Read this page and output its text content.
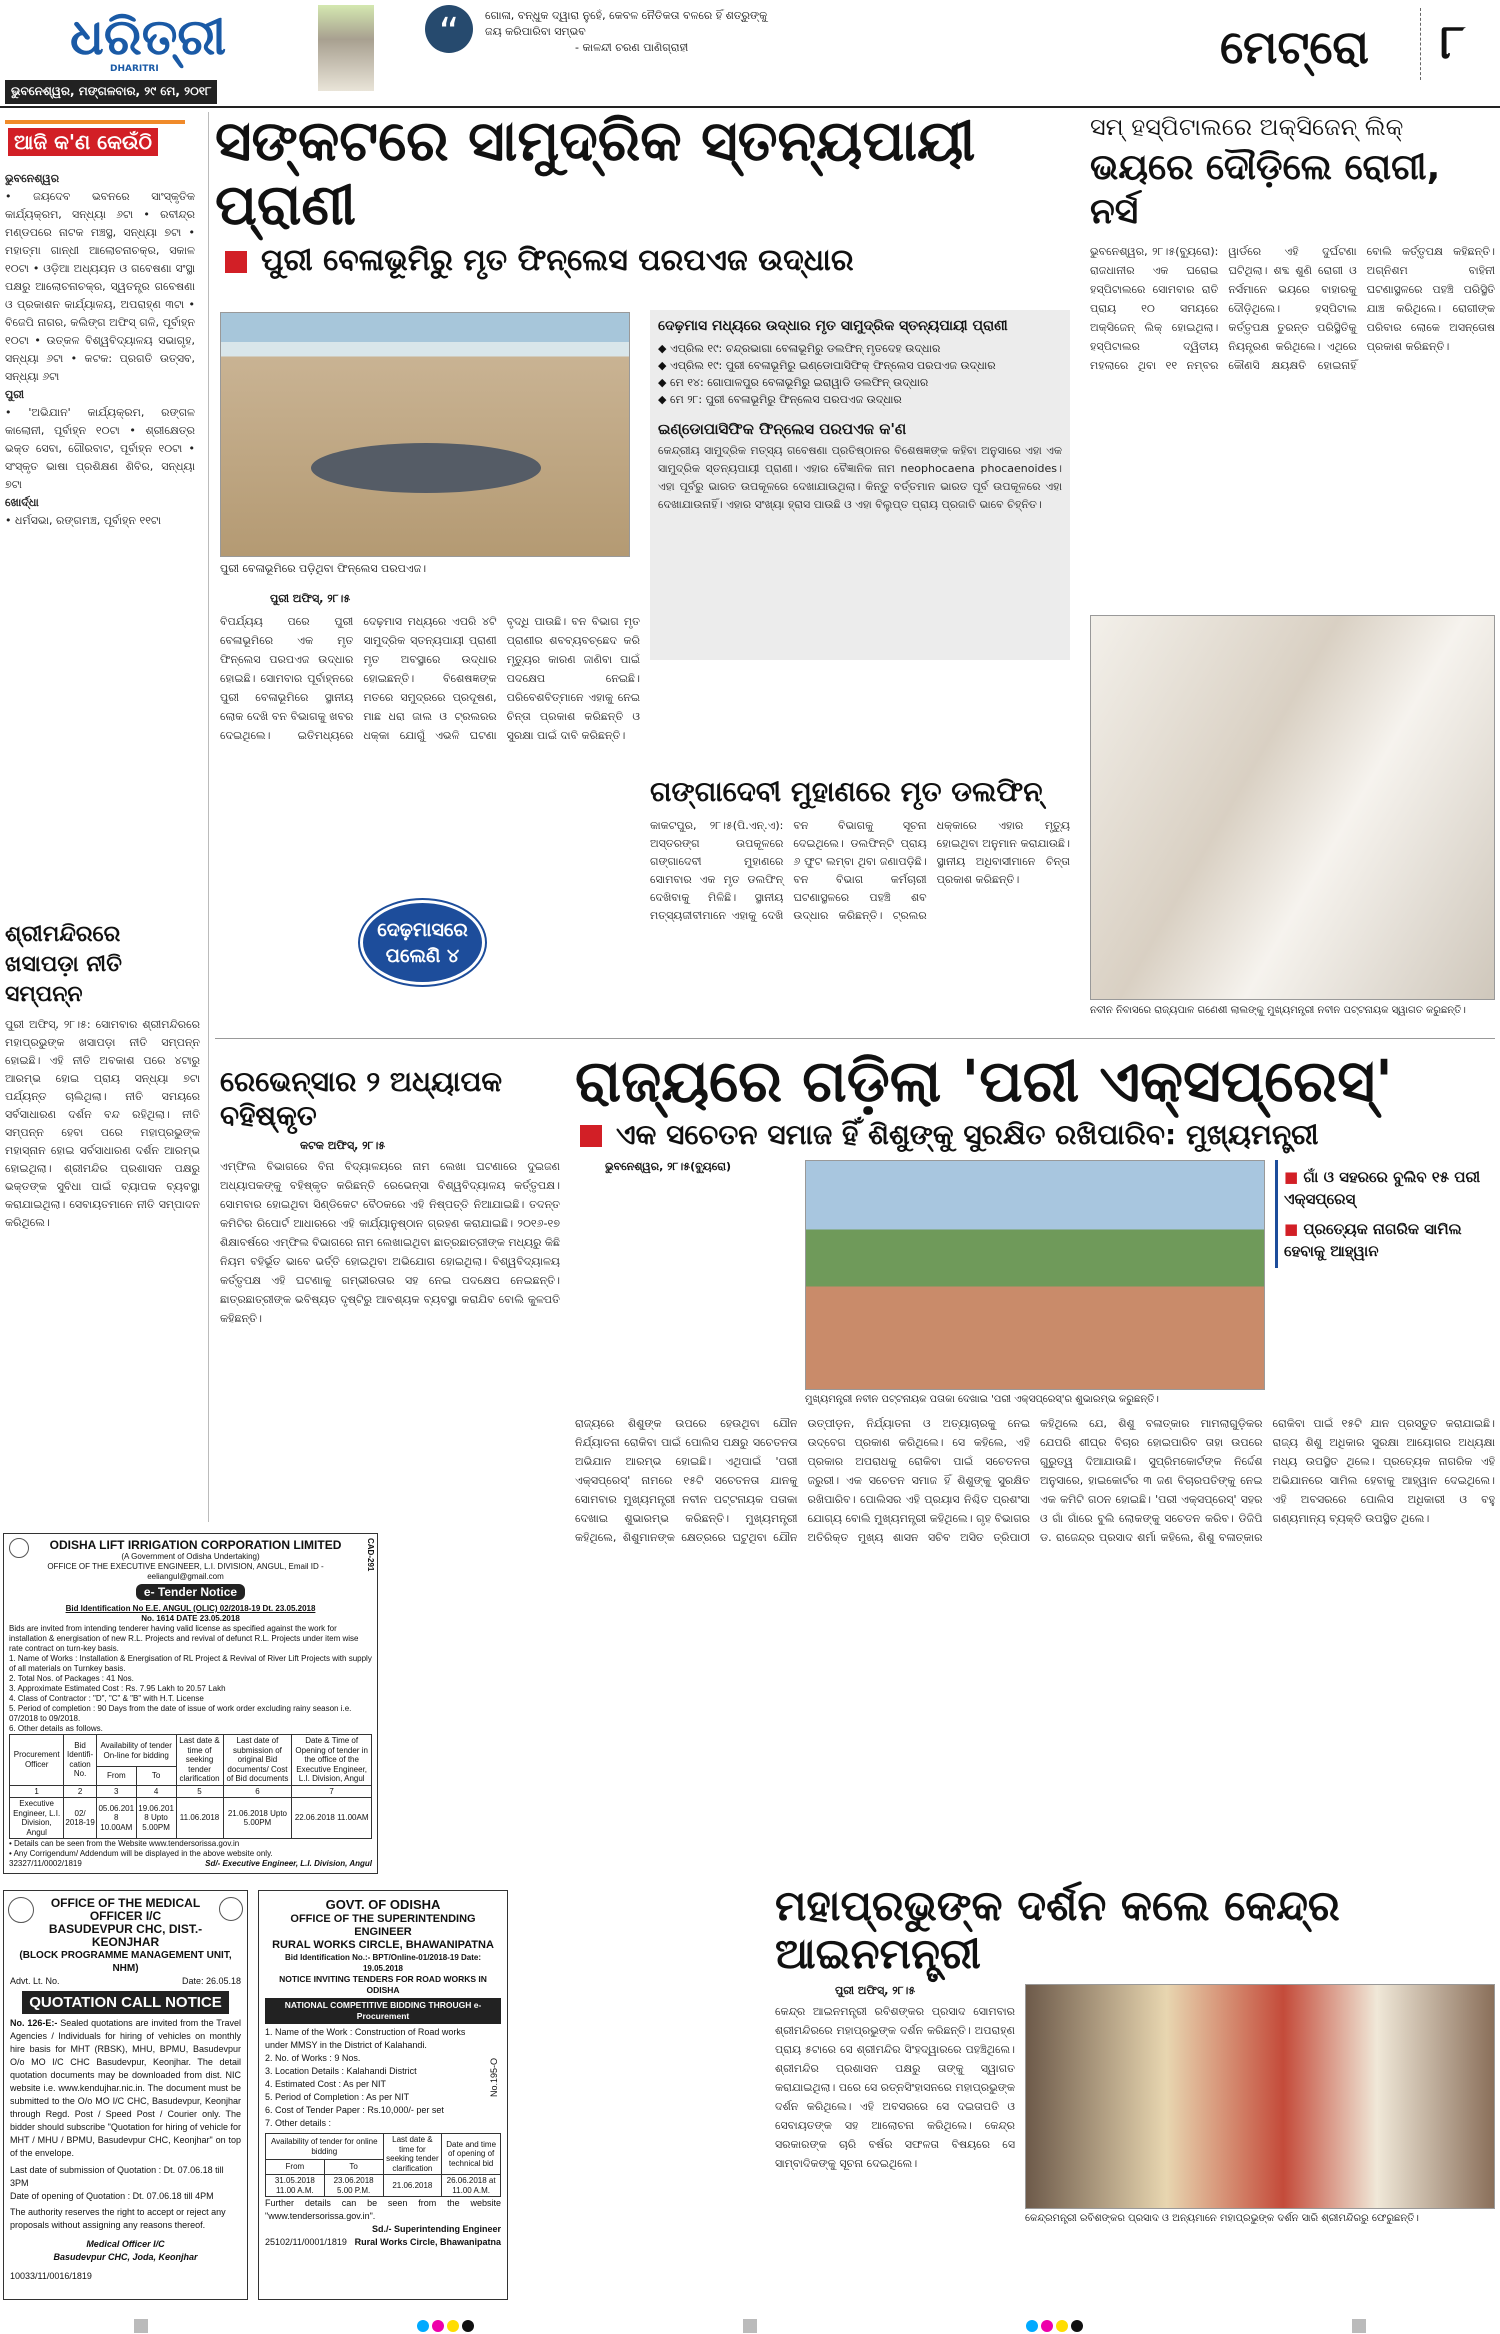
ଧରିତ୍ରୀ
DHARITRI
ଭୁବନେଶ୍ୱର, ମଙ୍ଗଳବାର, ୨୯ ମେ, ୨୦୧୮
“	ଗୋଳା, ବନ୍ଧୁକ ଦ୍ୱାରା ନୁହେଁ, କେବଳ ନୈତିକତା ବଳରେ ହିଁ ଶତ୍ରୁଙ୍କୁ ଜୟ କରିପାରିବା ସମ୍ଭବ
- କାଳନ୍ଦୀ ଚରଣ ପାଣିଗ୍ରାହୀ	ମେଟ୍ରୋ ୮
ଆଜି କ'ଣ କେଉଁଠି
ଭୁବନେଶ୍ୱର
• ଜୟଦେବ ଭବନରେ ସାଂସ୍କୃତିକ କାର୍ଯ୍ୟକ୍ରମ, ସନ୍ଧ୍ୟା ୬ଟା • ରବୀନ୍ଦ୍ର ମଣ୍ଡପରେ ନାଟକ ମଞ୍ଚସ୍ଥ, ସନ୍ଧ୍ୟା ୭ଟା • ମହାତ୍ମା ଗାନ୍ଧୀ ଆଲୋଚନାଚକ୍ର, ସକାଳ ୧୦ଟା • ଓଡ଼ିଆ ଅଧ୍ୟୟନ ଓ ଗବେଷଣା ସଂସ୍ଥା ପକ୍ଷରୁ ଆଲୋଚନାଚକ୍ର, ସ୍ୱତନ୍ତ୍ର ଗବେଷଣା ଓ ପ୍ରକାଶନ କାର୍ଯ୍ୟାଳୟ, ଅପରାହ୍ଣ ୩ଟା • ବିଜେପି ନାଗର, କଲିଙ୍ଗ ଅଫିସ୍ ଗଳି, ପୂର୍ବାହ୍ନ ୧୦ଟା • ଉତ୍କଳ ବିଶ୍ୱବିଦ୍ୟାଳୟ ସଭାଗୃହ, ସନ୍ଧ୍ୟା ୬ଟା • କଟକ: ପ୍ରଗତି ଉତ୍ସବ, ସନ୍ଧ୍ୟା ୬ଟା
ପୁରୀ
• 'ଅଭିଯାନ' କାର୍ଯ୍ୟକ୍ରମ, ରଙ୍ଗଳ କାଲୋନୀ, ପୂର୍ବାହ୍ନ ୧୦ଟା • ଶ୍ରୀକ୍ଷେତ୍ର ଭକ୍ତ ସେବା, ଗୌରବାଟ, ପୂର୍ବାହ୍ନ ୧୦ଟା • ସଂସ୍କୃତ ଭାଷା ପ୍ରଶିକ୍ଷଣ ଶିବିର, ସନ୍ଧ୍ୟା ୭ଟା
ଖୋର୍ଦ୍ଧା
• ଧର୍ମସଭା, ରଙ୍ଗମଞ୍ଚ, ପୂର୍ବାହ୍ନ ୧୧ଟା
ଶ୍ରୀମନ୍ଦିରରେ ଖସାପଡ଼ା ନୀତି ସମ୍ପନ୍ନ
ପୁରୀ ଅଫିସ୍, ୨୮।୫: ସୋମବାର ଶ୍ରୀମନ୍ଦିରରେ ମହାପ୍ରଭୁଙ୍କ ଖସାପଡ଼ା ନୀତି ସମ୍ପନ୍ନ ହୋଇଛି। ଏହି ନୀତି ଅବକାଶ ପରେ ୪ଟାରୁ ଆରମ୍ଭ ହୋଇ ପ୍ରାୟ ସନ୍ଧ୍ୟା ୭ଟା ପର୍ଯ୍ୟନ୍ତ ଚାଲିଥିଲା। ନୀତି ସମୟରେ ସର୍ବସାଧାରଣ ଦର୍ଶନ ବନ୍ଦ ରହିଥିଲା। ନୀତି ସମ୍ପନ୍ନ ହେବା ପରେ ମହାପ୍ରଭୁଙ୍କ ମହାସ୍ନାନ ହୋଇ ସର୍ବସାଧାରଣ ଦର୍ଶନ ଆରମ୍ଭ ହୋଇଥିଲା। ଶ୍ରୀମନ୍ଦିର ପ୍ରଶାସନ ପକ୍ଷରୁ ଭକ୍ତଙ୍କ ସୁବିଧା ପାଇଁ ବ୍ୟାପକ ବ୍ୟବସ୍ଥା କରାଯାଇଥିଲା। ସେବାୟତମାନେ ନୀତି ସମ୍ପାଦନ କରିଥିଲେ।
ସଙ୍କଟରେ ସାମୁଦ୍ରିକ ସ୍ତନ୍ୟପାୟୀ ପ୍ରାଣୀ
ପୁରୀ ବେଳାଭୂମିରୁ ମୃତ ଫିନ୍‌ଲେସ ପରପଏଜ ଉଦ୍ଧାର
ପୁରୀ ବେଳାଭୂମିରେ ପଡ଼ିଥିବା ଫିନ୍‌ଲେସ ପରପଏଜ।
ପୁରୀ ଅଫିସ୍, ୨୮।୫
ବିପର୍ଯ୍ୟୟ ପରେ ପୁରୀ ବେଳାଭୂମିରେ ଏକ ମୃତ ଫିନ୍‌ଲେସ ପରପଏଜ ଉଦ୍ଧାର ହୋଇଛି। ସୋମବାର ପୂର୍ବାହ୍ନରେ ପୁରୀ ବେଳାଭୂମିରେ ସ୍ଥାନୀୟ ଲୋକ ଦେଖି ବନ ବିଭାଗକୁ ଖବର ଦେଇଥିଲେ। ଇତିମଧ୍ୟରେ ଦେଢ଼ମାସ ମଧ୍ୟରେ ଏପରି ୪ଟି ସାମୁଦ୍ରିକ ସ୍ତନ୍ୟପାୟୀ ପ୍ରାଣୀ ମୃତ ଅବସ୍ଥାରେ ଉଦ୍ଧାର ହୋଇଛନ୍ତି। ବିଶେଷଜ୍ଞଙ୍କ ମତରେ ସମୁଦ୍ରରେ ପ୍ରଦୂଷଣ, ମାଛ ଧରା ଜାଲ ଓ ଟ୍ରଲରର ଧକ୍କା ଯୋଗୁଁ ଏଭଳି ଘଟଣା ବୃଦ୍ଧି ପାଉଛି। ବନ ବିଭାଗ ମୃତ ପ୍ରାଣୀର ଶବବ୍ୟବଚ୍ଛେଦ କରି ମୃତ୍ୟୁର କାରଣ ଜାଣିବା ପାଇଁ ପଦକ୍ଷେପ ନେଇଛି। ପରିବେଶବିତ୍‌ମାନେ ଏହାକୁ ନେଇ ଚିନ୍ତା ପ୍ରକାଶ କରିଛନ୍ତି ଓ ସୁରକ୍ଷା ପାଇଁ ଦାବି କରିଛନ୍ତି।
ଦେଢ଼ମାସରେ ପଲେଣି ୪
ଦେଢ଼ମାସ ମଧ୍ୟରେ ଉଦ୍ଧାର ମୃତ ସାମୁଦ୍ରିକ ସ୍ତନ୍ୟପାୟୀ ପ୍ରାଣୀ
◆ ଏପ୍ରିଲ ୧୯: ଚନ୍ଦ୍ରଭାଗା ବେଳାଭୂମିରୁ ଡଲଫିନ୍ ମୃତଦେହ ଉଦ୍ଧାର
◆ ଏପ୍ରିଲ ୧୯: ପୁରୀ ବେଳାଭୂମିରୁ ଇଣ୍ଡୋପାସିଫିକ୍ ଫିନ୍‌ଲେସ ପରପଏଜ ଉଦ୍ଧାର
◆ ମେ ୧୪: ଗୋପାଳପୁର ବେଳାଭୂମିରୁ ଇରାୱାଡି ଡଲଫିନ୍ ଉଦ୍ଧାର
◆ ମେ ୨୮: ପୁରୀ ବେଳାଭୂମିରୁ ଫିନ୍‌ଲେସ ପରପଏଜ ଉଦ୍ଧାର
ଇଣ୍ଡୋପାସିଫିକ ଫିନ୍‌ଲେସ ପରପଏଜ କ'ଣ
କେନ୍ଦ୍ରୀୟ ସାମୁଦ୍ରିକ ମତ୍ସ୍ୟ ଗବେଷଣା ପ୍ରତିଷ୍ଠାନର ବିଶେଷଜ୍ଞଙ୍କ କହିବା ଅନୁସାରେ ଏହା ଏକ ସାମୁଦ୍ରିକ ସ୍ତନ୍ୟପାୟୀ ପ୍ରାଣୀ। ଏହାର ବୈଜ୍ଞାନିକ ନାମ neophocaena phocaenoides। ଏହା ପୂର୍ବରୁ ଭାରତ ଉପକୂଳରେ ଦେଖାଯାଉଥିଲା। କିନ୍ତୁ ବର୍ତ୍ତମାନ ଭାରତ ପୂର୍ବ ଉପକୂଳରେ ଏହା ଦେଖାଯାଉନାହିଁ। ଏହାର ସଂଖ୍ୟା ହ୍ରାସ ପାଉଛି ଓ ଏହା ବିଲୁପ୍ତ ପ୍ରାୟ ପ୍ରଜାତି ଭାବେ ଚିହ୍ନିତ।
ଗଙ୍ଗାଦେବୀ ମୁହାଣରେ ମୃତ ଡଲଫିନ୍
କାକଟପୁର, ୨୮।୫(ପି.ଏନ୍.ଏ): ଅସ୍ତରଙ୍ଗ ଉପକୂଳରେ ଗଙ୍ଗାଦେବୀ ମୁହାଣରେ ସୋମବାର ଏକ ମୃତ ଡଲଫିନ୍ ଦେଖିବାକୁ ମିଳିଛି। ସ୍ଥାନୀୟ ମତ୍ସ୍ୟଜୀବୀମାନେ ଏହାକୁ ଦେଖି ବନ ବିଭାଗକୁ ସୂଚନା ଦେଇଥିଲେ। ଡଲଫିନ୍‌ଟି ପ୍ରାୟ ୬ ଫୁଟ ଲମ୍ବା ଥିବା ଜଣାପଡ଼ିଛି। ବନ ବିଭାଗ କର୍ମଚାରୀ ଘଟଣାସ୍ଥଳରେ ପହଞ୍ଚି ଶବ ଉଦ୍ଧାର କରିଛନ୍ତି। ଟ୍ରଲର ଧକ୍କାରେ ଏହାର ମୃତ୍ୟୁ ହୋଇଥିବା ଅନୁମାନ କରାଯାଉଛି। ସ୍ଥାନୀୟ ଅଧିବାସୀମାନେ ଚିନ୍ତା ପ୍ରକାଶ କରିଛନ୍ତି।
ସମ୍ ହସ୍‌ପିଟାଲରେ ଅକ୍ସିଜେନ୍ ଲିକ୍
ଭୟରେ ଦୌଡ଼ିଲେ ରୋଗୀ, ନର୍ସ
ଭୁବନେଶ୍ୱର, ୨୮।୫(ବ୍ୟୁରୋ): ରାଜଧାନୀର ଏକ ଘରୋଇ ହସ୍‌ପିଟାଲରେ ସୋମବାର ରାତି ପ୍ରାୟ ୧୦ ସମୟରେ ଅକ୍ସିଜେନ୍ ଲିକ୍ ହୋଇଥିଲା। ହସ୍‌ପିଟାଲର ଦ୍ୱିତୀୟ ମହଲାରେ ଥିବା ୧୧ ନମ୍ବର ୱାର୍ଡରେ ଏହି ଦୁର୍ଘଟଣା ଘଟିଥିଲା। ଶବ୍ଦ ଶୁଣି ରୋଗୀ ଓ ନର୍ସମାନେ ଭୟରେ ବାହାରକୁ ଦୌଡ଼ିଥିଲେ। ହସ୍‌ପିଟାଲ କର୍ତ୍ତୃପକ୍ଷ ତୁରନ୍ତ ପରିସ୍ଥିତିକୁ ନିୟନ୍ତ୍ରଣ କରିଥିଲେ। ଏଥିରେ କୌଣସି କ୍ଷୟକ୍ଷତି ହୋଇନାହିଁ ବୋଲି କର୍ତ୍ତୃପକ୍ଷ କହିଛନ୍ତି। ଅଗ୍ନିଶମ ବାହିନୀ ଘଟଣାସ୍ଥଳରେ ପହଞ୍ଚି ପରିସ୍ଥିତି ଯାଞ୍ଚ କରିଥିଲେ। ରୋଗୀଙ୍କ ପରିବାର ଲୋକେ ଅସନ୍ତୋଷ ପ୍ରକାଶ କରିଛନ୍ତି।
ନବୀନ ନିବାସରେ ରାଜ୍ୟପାଳ ଗଣେଶୀ ଲାଲଙ୍କୁ ମୁଖ୍ୟମନ୍ତ୍ରୀ ନବୀନ ପଟ୍ଟନାୟକ ସ୍ୱାଗତ କରୁଛନ୍ତି।
ରେଭେନ୍ସାର ୨ ଅଧ୍ୟାପକ ବହିଷ୍କୃତ
କଟକ ଅଫିସ୍, ୨୮।୫
ଏମ୍‌ଫିଲ ବିଭାଗରେ ବିନା ବିଦ୍ୟାଳୟରେ ନାମ ଲେଖା ଘଟଣାରେ ଦୁଇଜଣ ଅଧ୍ୟାପକଙ୍କୁ ବହିଷ୍କୃତ କରିଛନ୍ତି ରେଭେନ୍ସା ବିଶ୍ୱବିଦ୍ୟାଳୟ କର୍ତ୍ତୃପକ୍ଷ। ସୋମବାର ହୋଇଥିବା ସିଣ୍ଡିକେଟ ବୈଠକରେ ଏହି ନିଷ୍ପତ୍ତି ନିଆଯାଇଛି। ତଦନ୍ତ କମିଟିର ରିପୋର୍ଟ ଆଧାରରେ ଏହି କାର୍ଯ୍ୟାନୁଷ୍ଠାନ ଗ୍ରହଣ କରାଯାଇଛି। ୨୦୧୬-୧୭ ଶିକ୍ଷାବର୍ଷରେ ଏମ୍‌ଫିଲ ବିଭାଗରେ ନାମ ଲେଖାଇଥିବା ଛାତ୍ରଛାତ୍ରୀଙ୍କ ମଧ୍ୟରୁ କିଛି ନିୟମ ବହିର୍ଭୂତ ଭାବେ ଭର୍ତ୍ତି ହୋଇଥିବା ଅଭିଯୋଗ ହୋଇଥିଲା। ବିଶ୍ୱବିଦ୍ୟାଳୟ କର୍ତ୍ତୃପକ୍ଷ ଏହି ଘଟଣାକୁ ଗମ୍ଭୀରତାର ସହ ନେଇ ପଦକ୍ଷେପ ନେଇଛନ୍ତି। ଛାତ୍ରଛାତ୍ରୀଙ୍କ ଭବିଷ୍ୟତ ଦୃଷ୍ଟିରୁ ଆବଶ୍ୟକ ବ୍ୟବସ୍ଥା କରାଯିବ ବୋଲି କୁଳପତି କହିଛନ୍ତି।
ରାଜ୍ୟରେ ଗଡ଼ିଲା 'ପରୀ ଏକ୍ସପ୍ରେସ୍'
ଏକ ସଚେତନ ସମାଜ ହିଁ ଶିଶୁଙ୍କୁ ସୁରକ୍ଷିତ ରଖିପାରିବ: ମୁଖ୍ୟମନ୍ତ୍ରୀ
ଭୁବନେଶ୍ୱର, ୨୮।୫(ବ୍ୟୁରୋ)
ମୁଖ୍ୟମନ୍ତ୍ରୀ ନବୀନ ପଟ୍ଟନାୟକ ପତାକା ଦେଖାଇ 'ପରୀ ଏକ୍ସପ୍ରେସ୍'ର ଶୁଭାରମ୍ଭ କରୁଛନ୍ତି।
■ ଗାଁ ଓ ସହରରେ ବୁଲିବ ୧୫ ପରୀ ଏକ୍ସପ୍ରେସ୍
■ ପ୍ରତ୍ୟେକ ନାଗରିକ ସାମିଲ ହେବାକୁ ଆହ୍ୱାନ
ରାଜ୍ୟରେ ଶିଶୁଙ୍କ ଉପରେ ହେଉଥିବା ଯୌନ ନିର୍ଯ୍ୟାତନା ରୋକିବା ପାଇଁ ପୋଲିସ ପକ୍ଷରୁ ସଚେତନତା ଅଭିଯାନ ଆରମ୍ଭ ହୋଇଛି। ଏଥିପାଇଁ 'ପରୀ ଏକ୍ସପ୍ରେସ୍' ନାମରେ ୧୫ଟି ସଚେତନତା ଯାନକୁ ସୋମବାର ମୁଖ୍ୟମନ୍ତ୍ରୀ ନବୀନ ପଟ୍ଟନାୟକ ପତାକା ଦେଖାଇ ଶୁଭାରମ୍ଭ କରିଛନ୍ତି। ମୁଖ୍ୟମନ୍ତ୍ରୀ କହିଥିଲେ, ଶିଶୁମାନଙ୍କ କ୍ଷେତ୍ରରେ ଘଟୁଥିବା ଯୌନ ଉତ୍ପୀଡ଼ନ, ନିର୍ଯ୍ୟାତନା ଓ ଅତ୍ୟାଚାରକୁ ନେଇ ଉଦ୍‌ବେଗ ପ୍ରକାଶ କରିଥିଲେ। ସେ କହିଲେ, ଏହି ପ୍ରକାର ଅପରାଧକୁ ରୋକିବା ପାଇଁ ସଚେତନତା ଜରୁରୀ। ଏକ ସଚେତନ ସମାଜ ହିଁ ଶିଶୁଙ୍କୁ ସୁରକ୍ଷିତ ରଖିପାରିବ। ପୋଲିସର ଏହି ପ୍ରୟାସ ନିଶ୍ଚିତ ପ୍ରଶଂସା ଯୋଗ୍ୟ ବୋଲି ମୁଖ୍ୟମନ୍ତ୍ରୀ କହିଥିଲେ। ଗୃହ ବିଭାଗର ଅତିରିକ୍ତ ମୁଖ୍ୟ ଶାସନ ସଚିବ ଅସିତ ତ୍ରିପାଠୀ କହିଥିଲେ ଯେ, ଶିଶୁ ବଳାତ୍କାର ମାମଲାଗୁଡ଼ିକର ଯେପରି ଶୀଘ୍ର ବିଚାର ହୋଇପାରିବ ତାହା ଉପରେ ଗୁରୁତ୍ୱ ଦିଆଯାଉଛି। ସୁପ୍ରିମକୋର୍ଟଙ୍କ ନିର୍ଦ୍ଦେଶ ଅନୁସାରେ, ହାଇକୋର୍ଟର ୩ ଜଣ ବିଚାରପତିଙ୍କୁ ନେଇ ଏକ କମିଟି ଗଠନ ହୋଇଛି। 'ପରୀ ଏକ୍ସପ୍ରେସ୍' ସହର ଓ ଗାଁ ଗାଁରେ ବୁଲି ଲୋକଙ୍କୁ ସଚେତନ କରିବ। ଡିଜିପି ଡ. ରାଜେନ୍ଦ୍ର ପ୍ରସାଦ ଶର୍ମା କହିଲେ, ଶିଶୁ ବଳାତ୍କାର ରୋକିବା ପାଇଁ ୧୫ଟି ଯାନ ପ୍ରସ୍ତୁତ କରାଯାଇଛି। ରାଜ୍ୟ ଶିଶୁ ଅଧିକାର ସୁରକ୍ଷା ଆୟୋଗର ଅଧ୍ୟକ୍ଷା ମଧ୍ୟ ଉପସ୍ଥିତ ଥିଲେ। ପ୍ରତ୍ୟେକ ନାଗରିକ ଏହି ଅଭିଯାନରେ ସାମିଲ ହେବାକୁ ଆହ୍ୱାନ ଦେଇଥିଲେ। ଏହି ଅବସରରେ ପୋଲିସ ଅଧିକାରୀ ଓ ବହୁ ଗଣ୍ୟମାନ୍ୟ ବ୍ୟକ୍ତି ଉପସ୍ଥିତ ଥିଲେ।
CAD-291
ODISHA LIFT IRRIGATION CORPORATION LIMITED
(A Government of Odisha Undertaking)
OFFICE OF THE EXECUTIVE ENGINEER, L.I. DIVISION, ANGUL, Email ID - eeliangul@gmail.com
e- Tender Notice
Bid Identification No E.E. ANGUL (OLIC) 02/2018-19 Dt. 23.05.2018
No. 1614 DATE 23.05.2018
Bids are invited from intending tenderer having valid license as specified against the work for installation & energisation of new R.L. Projects and revival of defunct R.L. Projects under item wise rate contract on turn-key basis.
1. Name of Works : Installation & Energisation of RL Project & Revival of River Lift Projects with supply of all materials on Turnkey basis.
2. Total Nos. of Packages : 41 Nos.
3. Approximate Estimated Cost : Rs. 7.95 Lakh to 20.57 Lakh
4. Class of Contractor : "D", "C" & "B" with H.T. License
5. Period of completion : 90 Days from the date of issue of work order excluding rainy season i.e. 07/2018 to 09/2018.
6. Other details as follows.
Procurement Officer	Bid Identifi-cation No.	Availability of tender On-line for bidding		Last date & time of seeking tender clarification	Last date of submission of original Bid documents/ Cost of Bid documents	Date & Time of Opening of tender in the office of the Executive Engineer, L.I. Division, Angul
		From	To			
1	2	3	4	5	6	7
Executive Engineer, L.I. Division, Angul	02/ 2018-19	05.06.2018 10.00AM	19.06.2018 Upto 5.00PM	11.06.2018	21.06.2018 Upto 5.00PM	22.06.2018 11.00AM
• Details can be seen from the Website www.tendersorissa.gov.in
• Any Corrigendum/ Addendum will be displayed in the above website only.
32327/11/0002/1819	Sd/- Executive Engineer, L.I. Division, Angul
OFFICE OF THE MEDICAL OFFICER I/C
BASUDEVPUR CHC, DIST.- KEONJHAR
(BLOCK PROGRAMME MANAGEMENT UNIT, NHM)
Advt. Lt. No.	Date: 26.05.18
QUOTATION CALL NOTICE
No. 126-E:- Sealed quotations are invited from the Travel Agencies / Individuals for hiring of vehicles on monthly hire basis for MHT (RBSK), MHU, BPMU, Basudevpur O/o MO I/C CHC Basudevpur, Keonjhar. The detail quotation documents may be downloaded from dist. NIC website i.e. www.kendujhar.nic.in. The document must be submitted to the O/o MO I/C CHC, Basudevpur, Keonjhar through Regd. Post / Speed Post / Courier only. The bidder should subscribe "Quotation for hiring of vehicle for MHT / MHU / BPMU, Basudevpur CHC, Keonjhar" on top of the envelope.
Last date of submission of Quotation : Dt. 07.06.18 till 3PM
Date of opening of Quotation : Dt. 07.06.18 till 4PM
The authority reserves the right to accept or reject any proposals without assigning any reasons thereof.
Medical Officer I/C
Basudevpur CHC, Joda, Keonjhar
10033/11/0016/1819
GOVT. OF ODISHA
OFFICE OF THE SUPERINTENDING ENGINEER
RURAL WORKS CIRCLE, BHAWANIPATNA
Bid Identification No.:- BPT/Online-01/2018-19 Date: 19.05.2018
NOTICE INVITING TENDERS FOR ROAD WORKS IN ODISHA
NATIONAL COMPETITIVE BIDDING THROUGH e-Procurement
1. Name of the Work : Construction of Road works under MMSY in the District of Kalahandi.
2. No. of Works : 9 Nos.
3. Location Details : Kalahandi District
4. Estimated Cost : As per NIT
5. Period of Completion : As per NIT
6. Cost of Tender Paper : Rs.10,000/- per set
7. Other details :
No.195-O
Availability of tender for online bidding		Last date & time for seeking tender clarification	Date and time of opening of technical bid
From	To		
31.05.2018 11.00 A.M.	23.06.2018 5.00 P.M.	21.06.2018	26.06.2018 at 11.00 A.M.
Further details can be seen from the website "www.tendersorissa.gov.in".
Sd./- Superintending Engineer
25102/11/0001/1819 Rural Works Circle, Bhawanipatna
ମହାପ୍ରଭୁଙ୍କ ଦର୍ଶନ କଲେ କେନ୍ଦ୍ର ଆଇନମନ୍ତ୍ରୀ
ପୁରୀ ଅଫିସ୍, ୨୮।୫
କେନ୍ଦ୍ର ଆଇନମନ୍ତ୍ରୀ ରବିଶଙ୍କର ପ୍ରସାଦ ସୋମବାର ଶ୍ରୀମନ୍ଦିରରେ ମହାପ୍ରଭୁଙ୍କ ଦର୍ଶନ କରିଛନ୍ତି। ଅପରାହ୍ଣ ପ୍ରାୟ ୫ଟାରେ ସେ ଶ୍ରୀମନ୍ଦିର ସିଂହଦ୍ୱାରରେ ପହଞ୍ଚିଥିଲେ। ଶ୍ରୀମନ୍ଦିର ପ୍ରଶାସନ ପକ୍ଷରୁ ତାଙ୍କୁ ସ୍ୱାଗତ କରାଯାଇଥିଲା। ପରେ ସେ ରତ୍ନସିଂହାସନରେ ମହାପ୍ରଭୁଙ୍କ ଦର୍ଶନ କରିଥିଲେ। ଏହି ଅବସରରେ ସେ ଦଇତାପତି ଓ ସେବାୟତଙ୍କ ସହ ଆଲୋଚନା କରିଥିଲେ। କେନ୍ଦ୍ର ସରକାରଙ୍କ ଚାରି ବର୍ଷର ସଫଳତା ବିଷୟରେ ସେ ସାମ୍ବାଦିକଙ୍କୁ ସୂଚନା ଦେଇଥିଲେ।
କେନ୍ଦ୍ରମନ୍ତ୍ରୀ ରବିଶଙ୍କର ପ୍ରସାଦ ଓ ଅନ୍ୟମାନେ ମହାପ୍ରଭୁଙ୍କ ଦର୍ଶନ ସାରି ଶ୍ରୀମନ୍ଦିରରୁ ଫେରୁଛନ୍ତି।
